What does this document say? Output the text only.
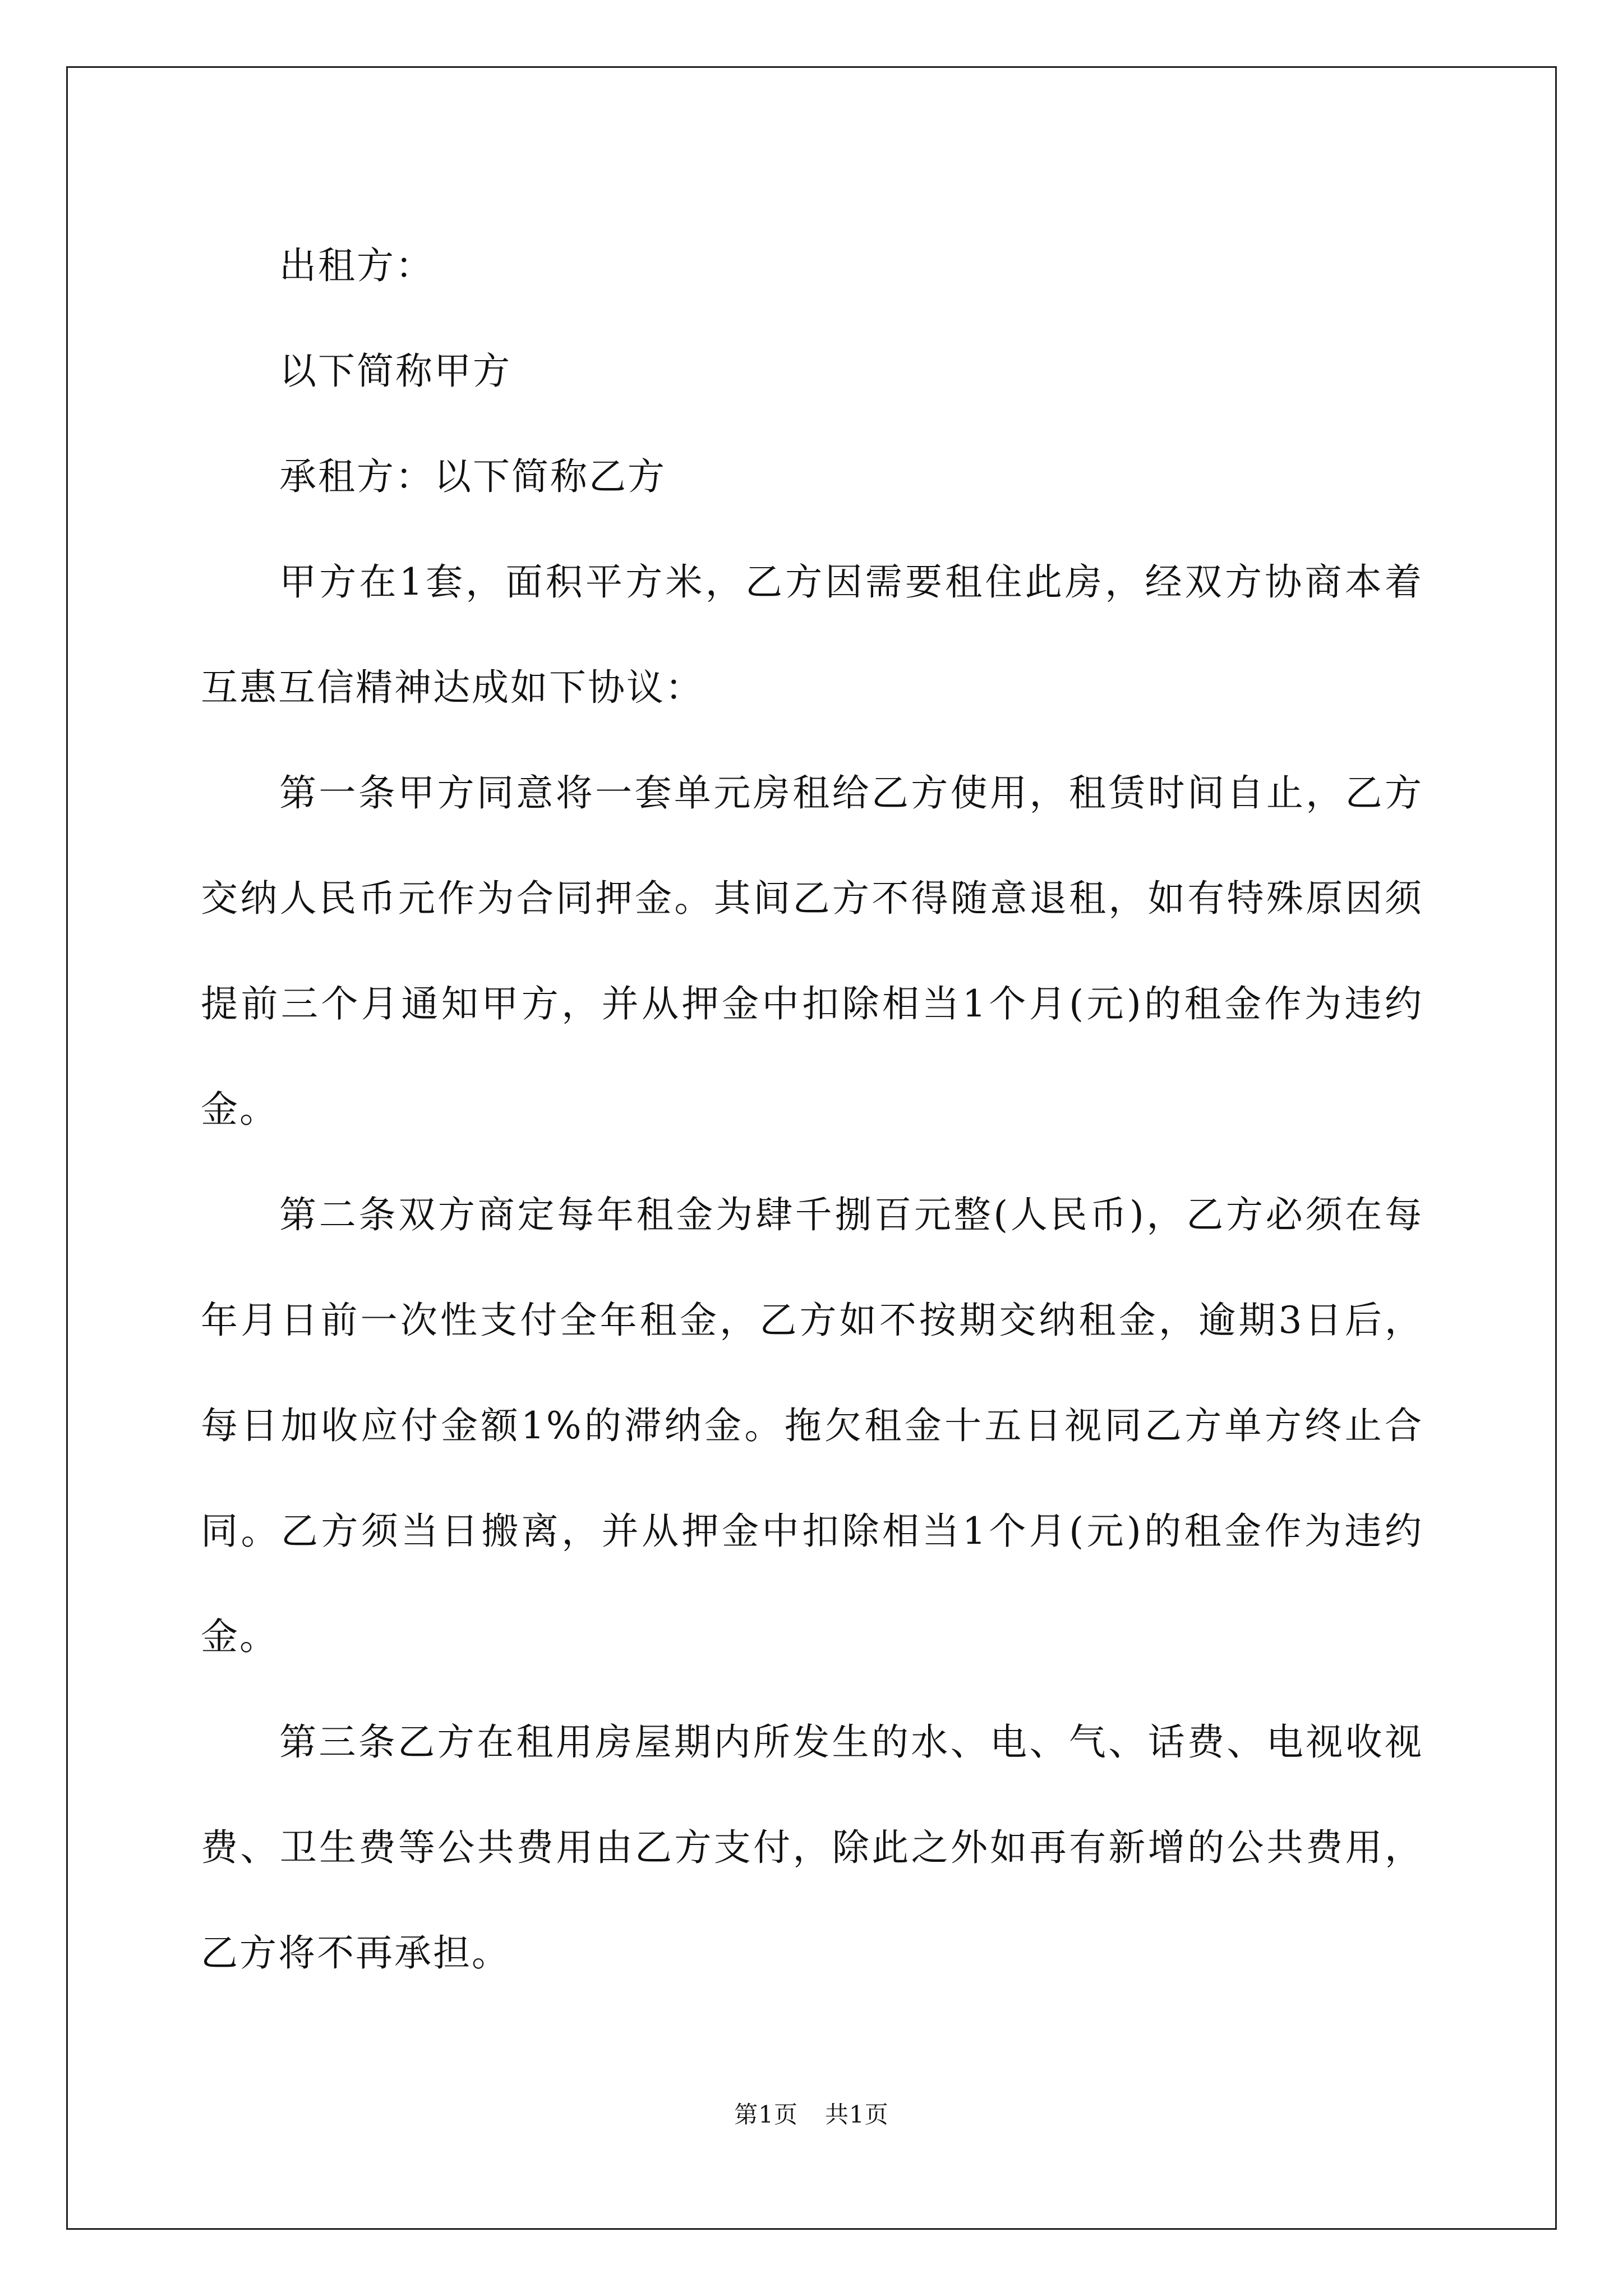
出租方：

以下简称甲方

承租方：以下简称乙方

甲方在1套，面积平方米，乙方因需要租住此房，经双方协商本着互惠互信精神达成如下协议：

第一条甲方同意将一套单元房租给乙方使用，租赁时间自止，乙方交纳人民币元作为合同押金。其间乙方不得随意退租，如有特殊原因须提前三个月通知甲方，并从押金中扣除相当1个月(元)的租金作为违约金。

第二条双方商定每年租金为肆千捌百元整(人民币)，乙方必须在每年月日前一次性支付全年租金，乙方如不按期交纳租金，逾期3日后，每日加收应付金额1%的滞纳金。拖欠租金十五日视同乙方单方终止合同。乙方须当日搬离，并从押金中扣除相当1个月(元)的租金作为违约金。

第三条乙方在租用房屋期内所发生的水、电、气、话费、电视收视费、卫生费等公共费用由乙方支付，除此之外如再有新增的公共费用，乙方将不再承担。

第1页 共1页
